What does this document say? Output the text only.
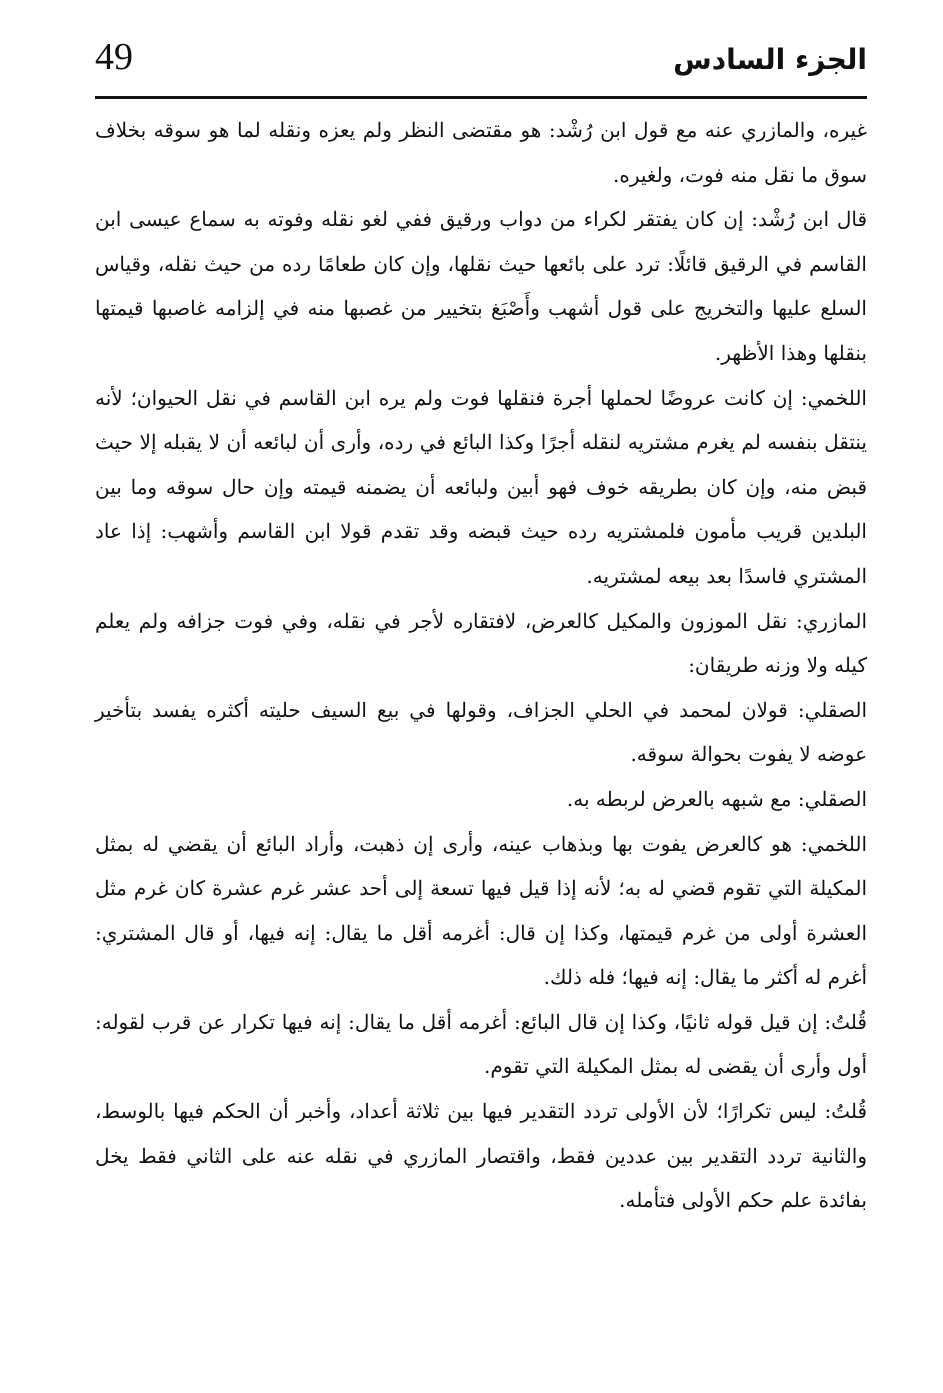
49	الجزء السادس

غيره، والمازري عنه مع قول ابن رُشْد: هو مقتضى النظر ولم يعزه ونقله لما هو سوقه بخلاف سوق ما نقل منه فوت، ولغيره.

قال ابن رُشْد: إن كان يفتقر لكراء من دواب ورقيق ففي لغو نقله وفوته به سماع عيسى ابن القاسم في الرقيق قائلًا: ترد على بائعها حيث نقلها، وإن كان طعامًا رده من حيث نقله، وقياس السلع عليها والتخريج على قول أشهب وأَصْبَغ بتخيير من غصبها منه في إلزامه غاصبها قيمتها بنقلها وهذا الأظهر.

اللخمي: إن كانت عروضًا لحملها أجرة فنقلها فوت ولم يره ابن القاسم في نقل الحيوان؛ لأنه ينتقل بنفسه لم يغرم مشتريه لنقله أجرًا وكذا البائع في رده، وأرى أن لبائعه أن لا يقبله إلا حيث قبض منه، وإن كان بطريقه خوف فهو أبين ولبائعه أن يضمنه قيمته وإن حال سوقه وما بين البلدين قريب مأمون فلمشتريه رده حيث قبضه وقد تقدم قولا ابن القاسم وأشهب: إذا عاد المشتري فاسدًا بعد بيعه لمشتريه.

المازري: نقل الموزون والمكيل كالعرض، لافتقاره لأجر في نقله، وفي فوت جزافه ولم يعلم كيله ولا وزنه طريقان:

الصقلي: قولان لمحمد في الحلي الجزاف، وقولها في بيع السيف حليته أكثره يفسد بتأخير عوضه لا يفوت بحوالة سوقه.

الصقلي: مع شبهه بالعرض لربطه به.

اللخمي: هو كالعرض يفوت بها وبذهاب عينه، وأرى إن ذهبت، وأراد البائع أن يقضي له بمثل المكيلة التي تقوم قضي له به؛ لأنه إذا قيل فيها تسعة إلى أحد عشر غرم عشرة كان غرم مثل العشرة أولى من غرم قيمتها، وكذا إن قال: أغرمه أقل ما يقال: إنه فيها، أو قال المشتري: أغرم له أكثر ما يقال: إنه فيها؛ فله ذلك.

قُلتُ: إن قيل قوله ثانيًا، وكذا إن قال البائع: أغرمه أقل ما يقال: إنه فيها تكرار عن قرب لقوله: أول وأرى أن يقضى له بمثل المكيلة التي تقوم.

قُلتُ: ليس تكرارًا؛ لأن الأولى تردد التقدير فيها بين ثلاثة أعداد، وأخبر أن الحكم فيها بالوسط، والثانية تردد التقدير بين عددين فقط، واقتصار المازري في نقله عنه على الثاني فقط يخل بفائدة علم حكم الأولى فتأمله.
